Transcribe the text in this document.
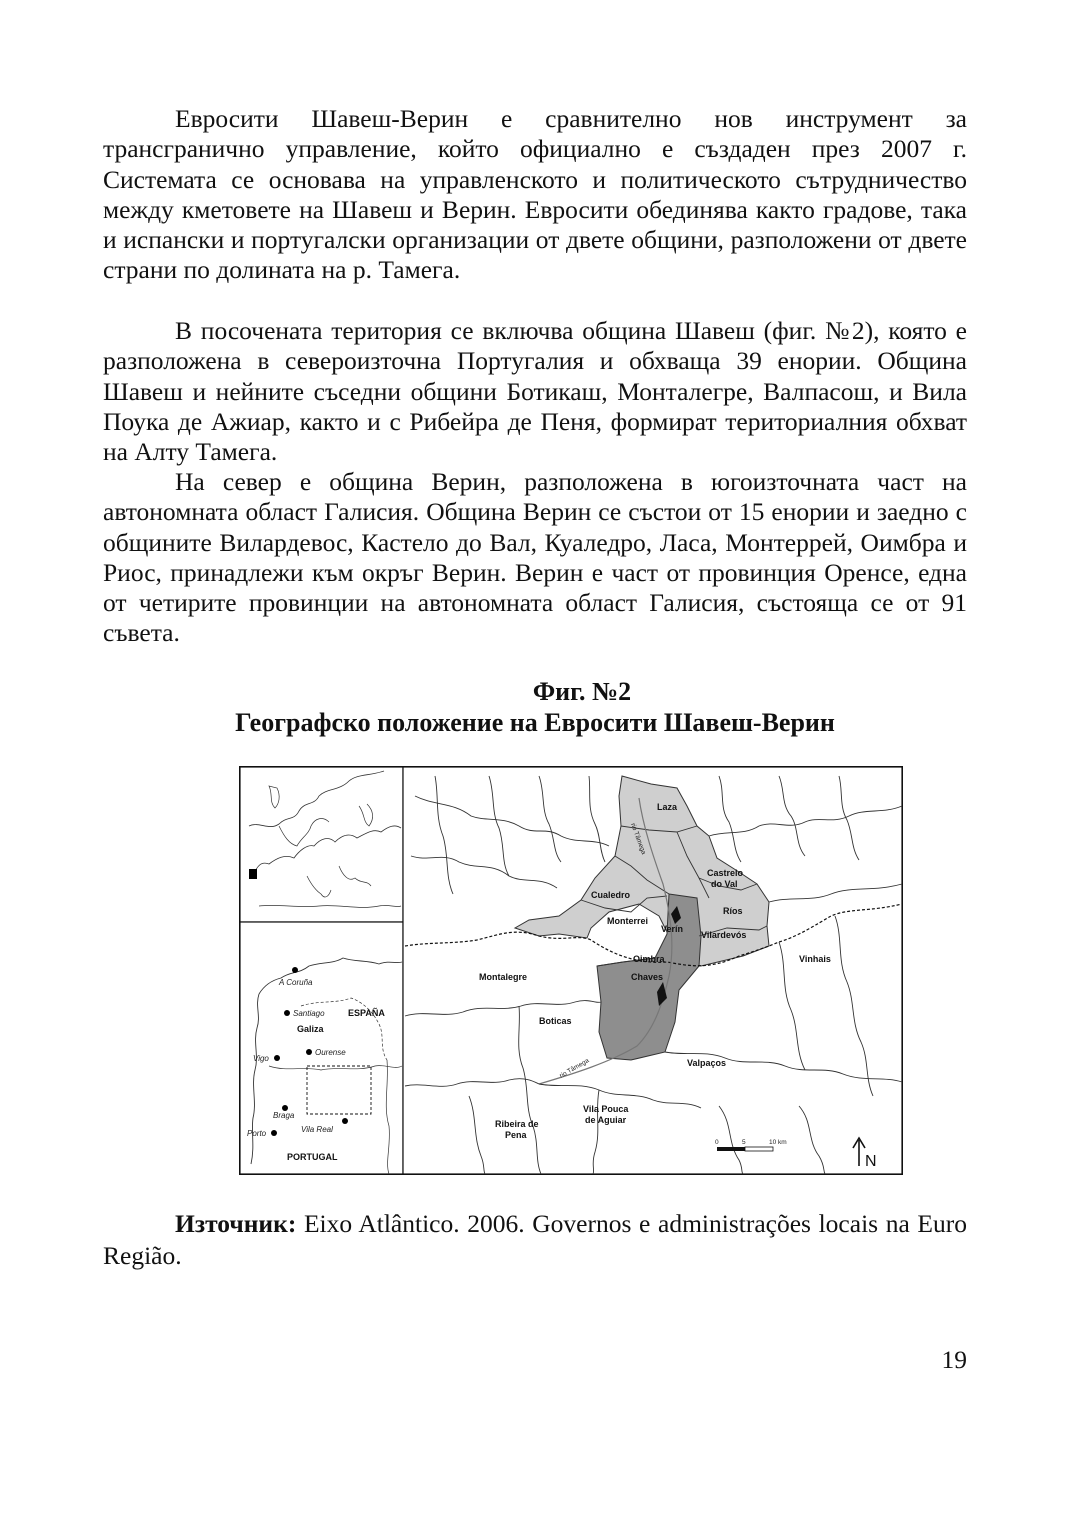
Евросити Шавеш-Верин е сравнително нов инструмент за трансгранично управление, който официално е създаден през 2007 г. Системата се основава на управленското и политическото сътрудничество между кметовете на Шавеш и Верин. Евросити обединява както градове, така и испански и португалски организации от двете общини, разположени от двете страни по долината на р. Тамега.

В посочената територия се включва община Шавеш (фиг. №2), която е разположена в североизточна Португалия и обхваща 39 енории. Община Шавеш и нейните съседни общини Ботикаш, Монталегре, Валпасош, и Вила Поука де Ажиар, както и с Рибейра де Пеня, формират териториалния обхват на Алту Тамега.

На север е община Верин, разположена в югоизточната част на автономната област Галисия. Община Верин се състои от 15 енории и заедно с общините Вилардевос, Кастело до Вал, Куаледро, Ласа, Монтеррей, Оимбра и Риос, принадлежи към окръг Верин. Верин е част от провинция Оренсе, една от четирите провинции на автономната област Галисия, състояща се от 91 съвета.

Фиг. №2

Географско положение на Евросити Шавеш-Верин

A Coruña
Santiago	ESPAÑA
Galiza
Ourense
Vigo
Braga
Porto	Vila Real
PORTUGAL
Laza
Castrelo
do Val
Cualedro
Ríos
Monterrei
Verín
Vilardevós
Vinhais
Oimbra
Chaves
Montalegre
Boticas
Valpaços
Vila Pouca
de Aguiar
Ribeira de
Pena
rio Tâmega
rio Tâmega
0	5	10 km
N

Източник: Eixo Atlântico. 2006. Governos e administrações locais na Euro Região.

19
